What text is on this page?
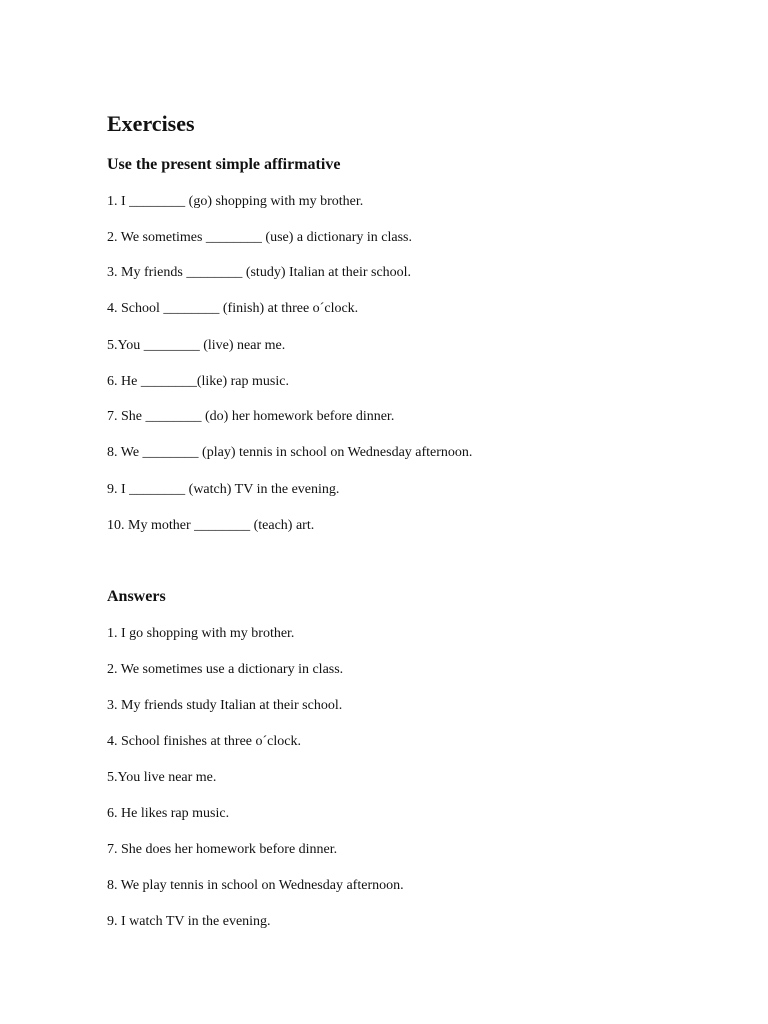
Exercises
Use the present simple affirmative
1. I ________ (go) shopping with my brother.
2. We sometimes ________ (use) a dictionary in class.
3. My friends ________ (study) Italian at their school.
4. School ________ (finish) at three o´clock.
5.You ________ (live) near me.
6. He ________(like) rap music.
7. She ________ (do) her homework before dinner.
8. We ________ (play) tennis in school on Wednesday afternoon.
9. I ________ (watch) TV in the evening.
10. My mother ________ (teach) art.
Answers
1. I go shopping with my brother.
2. We sometimes use a dictionary in class.
3. My friends study Italian at their school.
4. School finishes at three o´clock.
5.You live near me.
6. He likes rap music.
7. She does her homework before dinner.
8. We play tennis in school on Wednesday afternoon.
9. I watch TV in the evening.
